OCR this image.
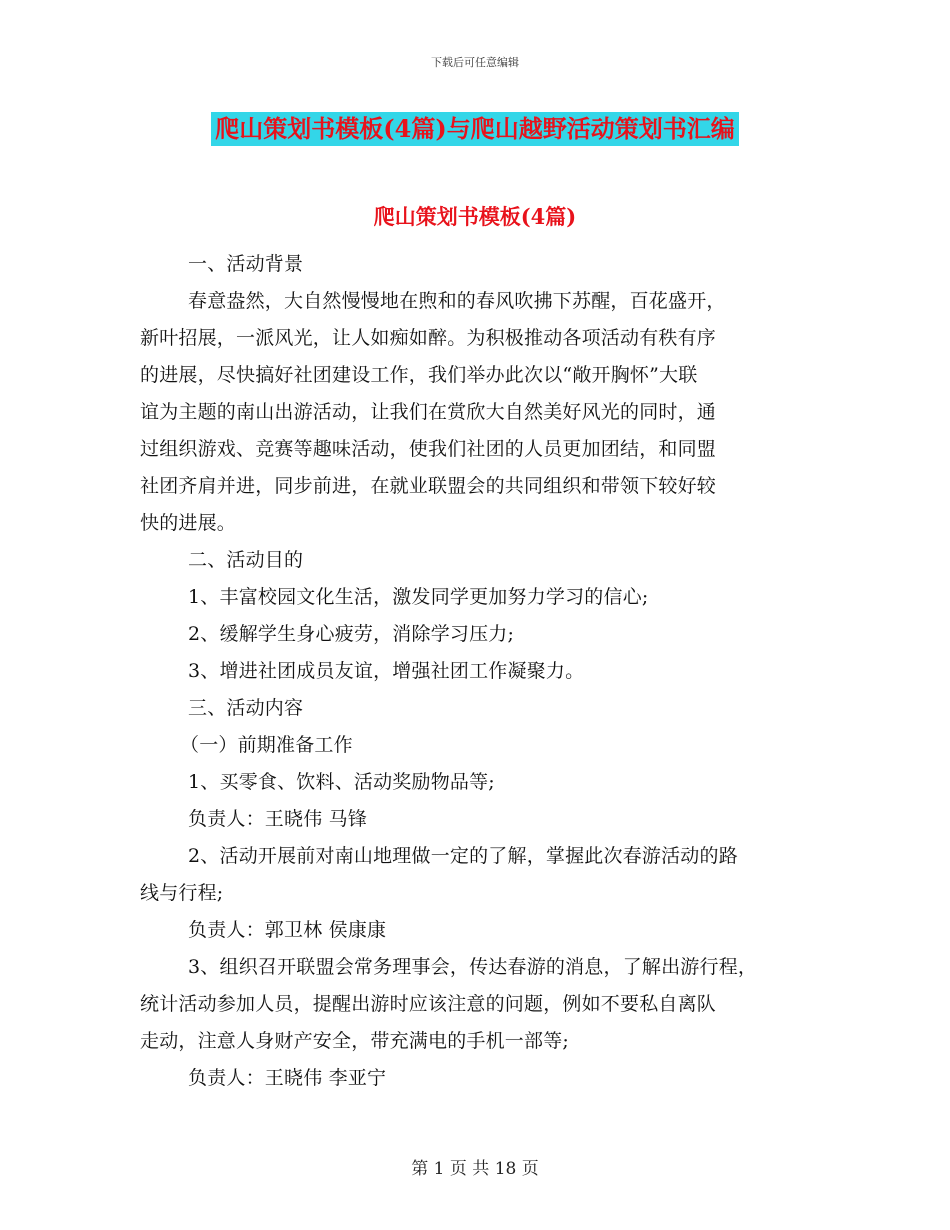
下载后可任意编辑
爬山策划书模板(4篇)与爬山越野活动策划书汇编
爬山策划书模板(4篇)
一、活动背景
春意盎然，大自然慢慢地在煦和的春风吹拂下苏醒，百花盛开，
新叶招展，一派风光，让人如痴如醉。为积极推动各项活动有秩有序
的进展，尽快搞好社团建设工作，我们举办此次以“敞开胸怀”大联
谊为主题的南山出游活动，让我们在赏欣大自然美好风光的同时，通
过组织游戏、竞赛等趣味活动，使我们社团的人员更加团结，和同盟
社团齐肩并进，同步前进，在就业联盟会的共同组织和带领下较好较
快的进展。
二、活动目的
1、丰富校园文化生活，激发同学更加努力学习的信心;
2、缓解学生身心疲劳，消除学习压力;
3、增进社团成员友谊，增强社团工作凝聚力。
三、活动内容
（一）前期准备工作
1、买零食、饮料、活动奖励物品等;
负责人：王晓伟 马锋
2、活动开展前对南山地理做一定的了解，掌握此次春游活动的路
线与行程;
负责人：郭卫林 侯康康
3、组织召开联盟会常务理事会，传达春游的消息，了解出游行程，
统计活动参加人员，提醒出游时应该注意的问题，例如不要私自离队
走动，注意人身财产安全，带充满电的手机一部等;
负责人：王晓伟 李亚宁
第 1 页 共 18 页
